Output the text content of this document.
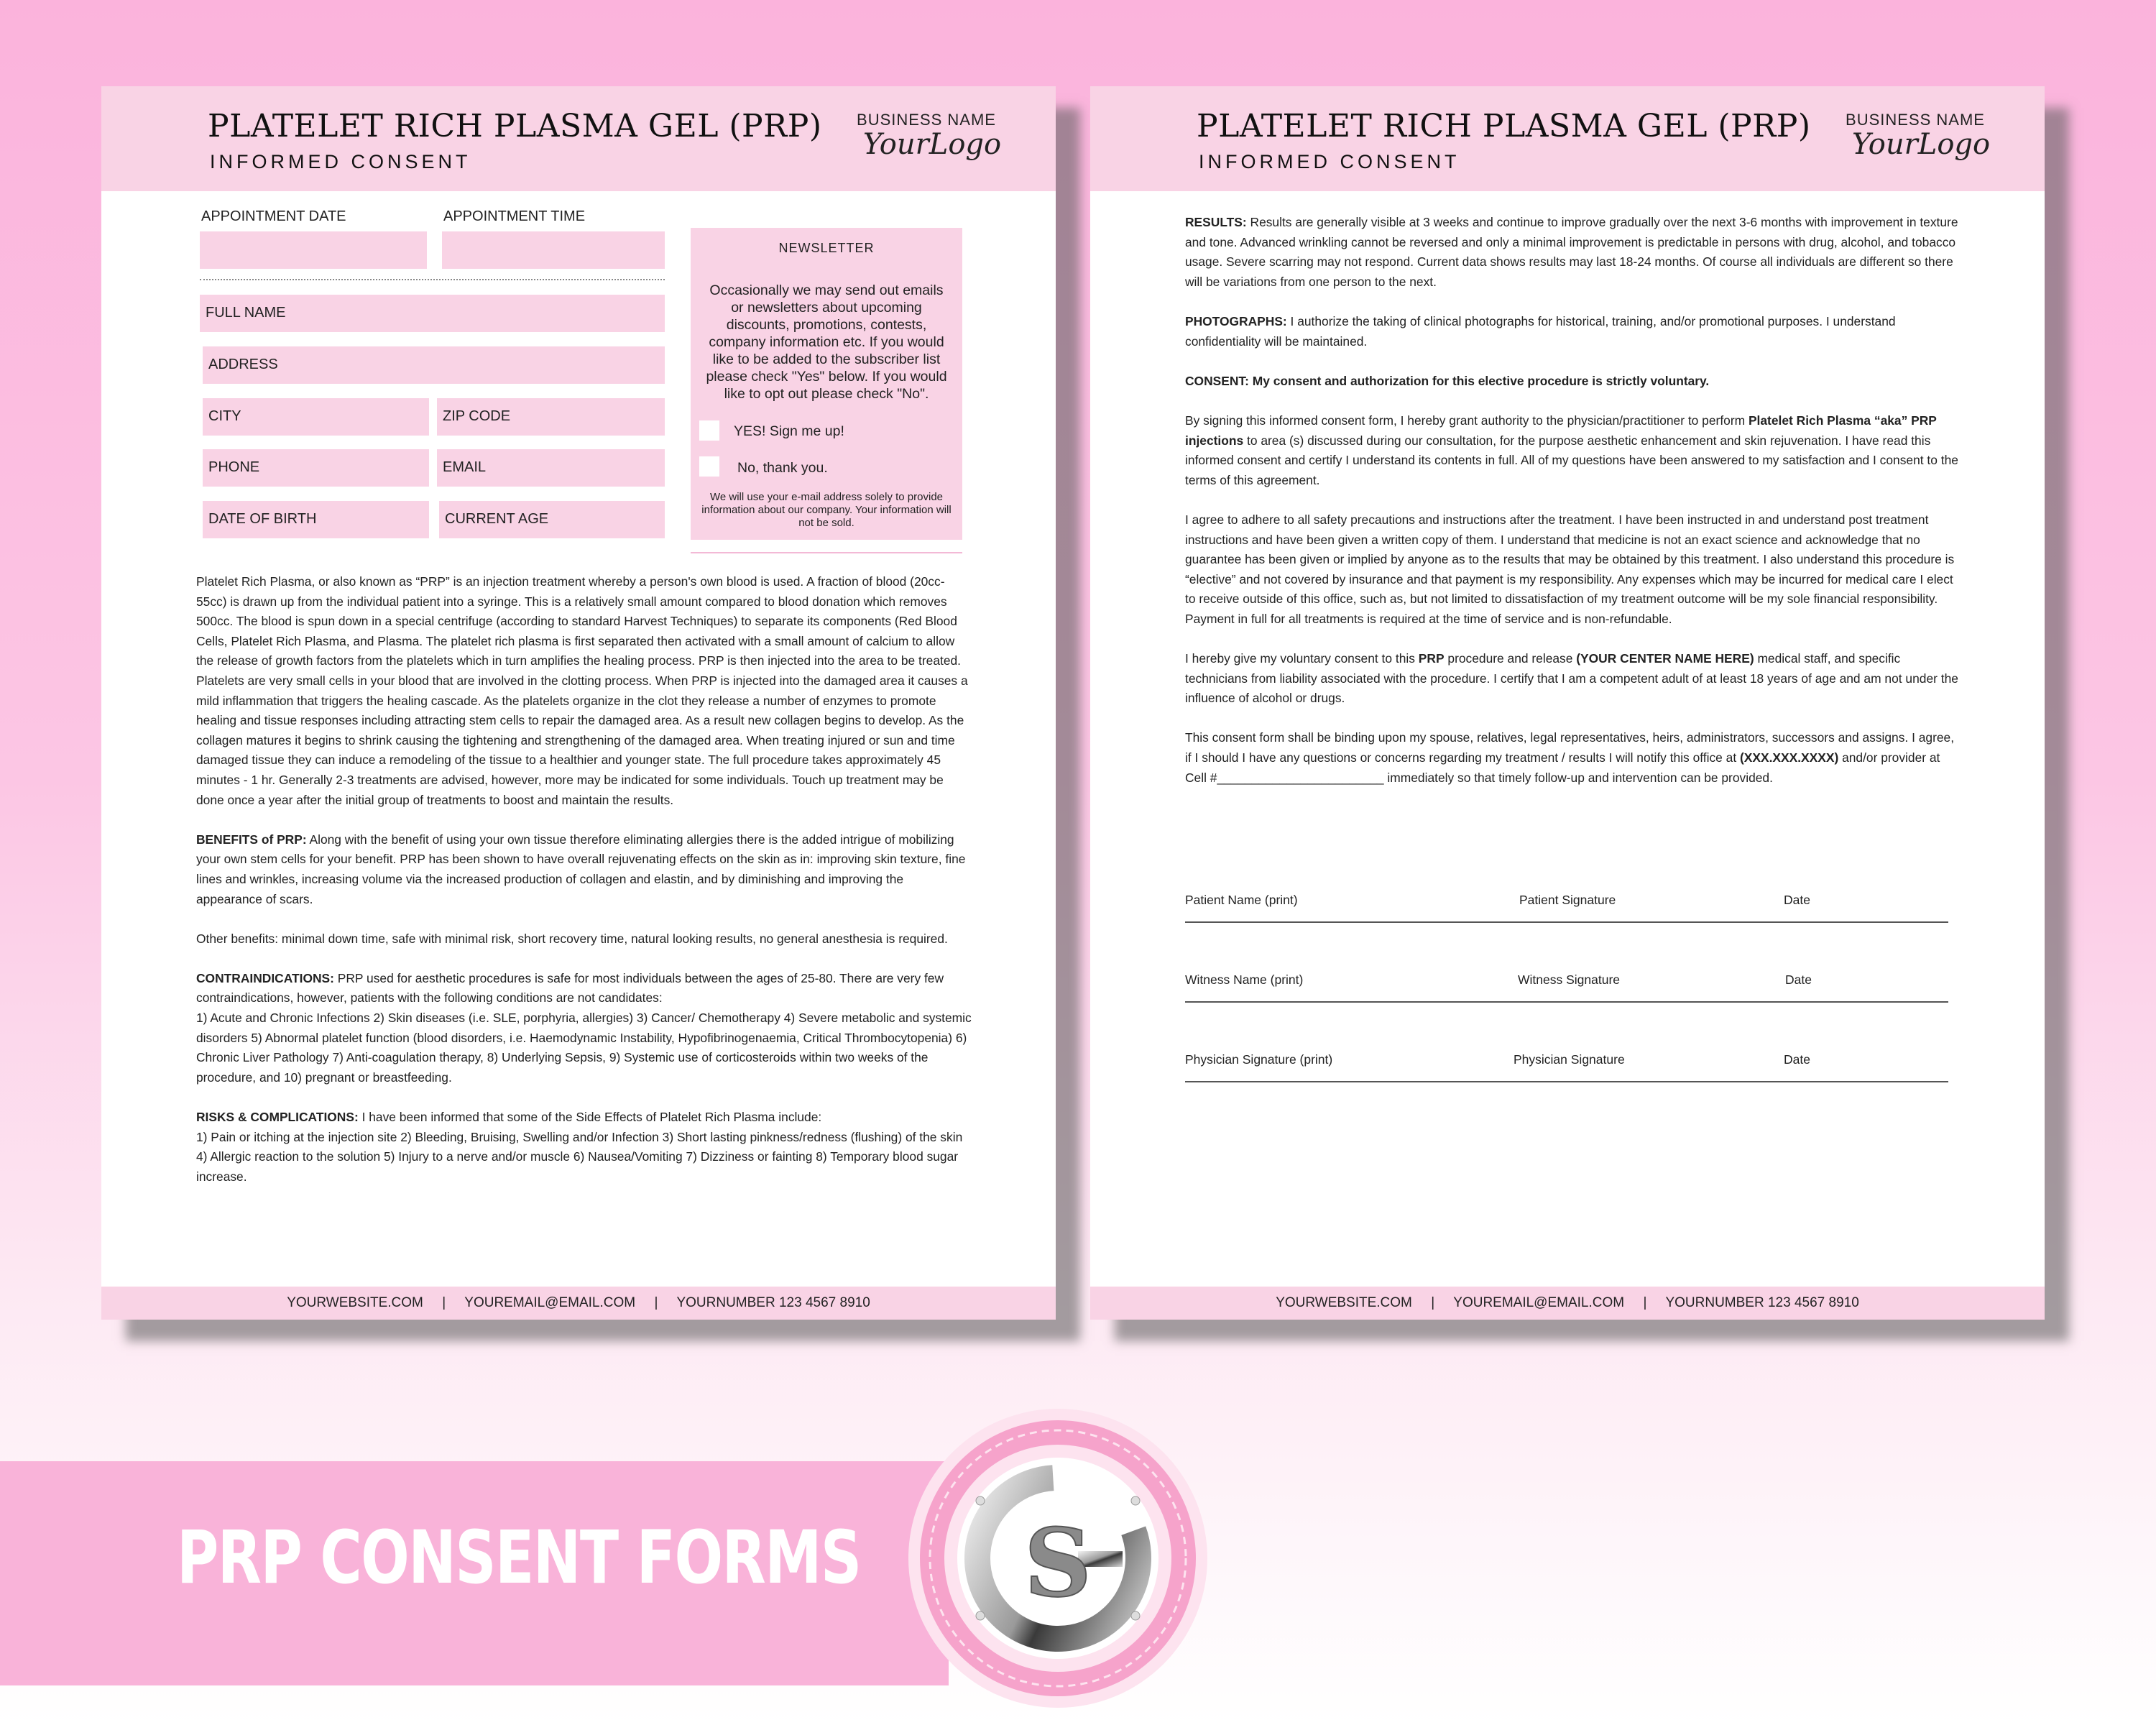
PLATELET RICH PLASMA GEL (PRP)
INFORMED CONSENT
BUSINESS NAME
YourLogo
APPOINTMENT DATE	APPOINTMENT TIME
FULL NAME
ADDRESS
CITY	ZIP CODE
PHONE	EMAIL
DATE OF BIRTH	CURRENT AGE
NEWSLETTER
Occasionally we may send out emails or newsletters about upcoming discounts, promotions, contests, company information etc. If you would like to be added to the subscriber list please check "Yes" below. If you would like to opt out please check "No".
YES! Sign me up!
No, thank you.
We will use your e-mail address solely to provide information about our company. Your information will not be sold.

Platelet Rich Plasma, or also known as “PRP” is an injection treatment whereby a person's own blood is used. A fraction of blood (20cc-55cc) is drawn up from the individual patient into a syringe. This is a relatively small amount compared to blood donation which removes 500cc. The blood is spun down in a special centrifuge (according to standard Harvest Techniques) to separate its components (Red Blood Cells, Platelet Rich Plasma, and Plasma. The platelet rich plasma is first separated then activated with a small amount of calcium to allow the release of growth factors from the platelets which in turn amplifies the healing process. PRP is then injected into the area to be treated. Platelets are very small cells in your blood that are involved in the clotting process. When PRP is injected into the damaged area it causes a mild inflammation that triggers the healing cascade. As the platelets organize in the clot they release a number of enzymes to promote healing and tissue responses including attracting stem cells to repair the damaged area. As a result new collagen begins to develop. As the collagen matures it begins to shrink causing the tightening and strengthening of the damaged area. When treating injured or sun and time damaged tissue they can induce a remodeling of the tissue to a healthier and younger state. The full procedure takes approximately 45 minutes - 1 hr. Generally 2-3 treatments are advised, however, more may be indicated for some individuals. Touch up treatment may be done once a year after the initial group of treatments to boost and maintain the results.

BENEFITS of PRP: Along with the benefit of using your own tissue therefore eliminating allergies there is the added intrigue of mobilizing your own stem cells for your benefit. PRP has been shown to have overall rejuvenating effects on the skin as in: improving skin texture, fine lines and wrinkles, increasing volume via the increased production of collagen and elastin, and by diminishing and improving the appearance of scars.

Other benefits: minimal down time, safe with minimal risk, short recovery time, natural looking results, no general anesthesia is required.

CONTRAINDICATIONS: PRP used for aesthetic procedures is safe for most individuals between the ages of 25-80. There are very few contraindications, however, patients with the following conditions are not candidates:
1) Acute and Chronic Infections 2) Skin diseases (i.e. SLE, porphyria, allergies) 3) Cancer/ Chemotherapy 4) Severe metabolic and systemic disorders 5) Abnormal platelet function (blood disorders, i.e. Haemodynamic Instability, Hypofibrinogenaemia, Critical Thrombocytopenia) 6) Chronic Liver Pathology 7) Anti-coagulation therapy, 8) Underlying Sepsis, 9) Systemic use of corticosteroids within two weeks of the procedure, and 10) pregnant or breastfeeding.

RISKS & COMPLICATIONS: I have been informed that some of the Side Effects of Platelet Rich Plasma include:
1) Pain or itching at the injection site 2) Bleeding, Bruising, Swelling and/or Infection 3) Short lasting pinkness/redness (flushing) of the skin 4) Allergic reaction to the solution 5) Injury to a nerve and/or muscle 6) Nausea/Vomiting 7) Dizziness or fainting 8) Temporary blood sugar increase.

YOURWEBSITE.COM     |     YOUREMAIL@EMAIL.COM     |     YOURNUMBER 123 4567 8910
PLATELET RICH PLASMA GEL (PRP)
INFORMED CONSENT
BUSINESS NAME
YourLogo

RESULTS: Results are generally visible at 3 weeks and continue to improve gradually over the next 3-6 months with improvement in texture and tone. Advanced wrinkling cannot be reversed and only a minimal improvement is predictable in persons with drug, alcohol, and tobacco usage. Severe scarring may not respond. Current data shows results may last 18-24 months. Of course all individuals are different so there will be variations from one person to the next.

PHOTOGRAPHS: I authorize the taking of clinical photographs for historical, training, and/or promotional purposes. I understand confidentiality will be maintained.

CONSENT: My consent and authorization for this elective procedure is strictly voluntary.

By signing this informed consent form, I hereby grant authority to the physician/practitioner to perform Platelet Rich Plasma “aka” PRP injections to area (s) discussed during our consultation, for the purpose aesthetic enhancement and skin rejuvenation. I have read this informed consent and certify I understand its contents in full. All of my questions have been answered to my satisfaction and I consent to the terms of this agreement.

I agree to adhere to all safety precautions and instructions after the treatment. I have been instructed in and understand post treatment instructions and have been given a written copy of them. I understand that medicine is not an exact science and acknowledge that no guarantee has been given or implied by anyone as to the results that may be obtained by this treatment. I also understand this procedure is “elective” and not covered by insurance and that payment is my responsibility. Any expenses which may be incurred for medical care I elect to receive outside of this office, such as, but not limited to dissatisfaction of my treatment outcome will be my sole financial responsibility. Payment in full for all treatments is required at the time of service and is non-refundable.

I hereby give my voluntary consent to this PRP procedure and release (YOUR CENTER NAME HERE) medical staff, and specific technicians from liability associated with the procedure. I certify that I am a competent adult of at least 18 years of age and am not under the influence of alcohol or drugs.

This consent form shall be binding upon my spouse, relatives, legal representatives, heirs, administrators, successors and assigns. I agree, if I should I have any questions or concerns regarding my treatment / results I will notify this office at (XXX.XXX.XXXX) and/or provider at Cell #________________________ immediately so that timely follow-up and intervention can be provided.

Patient Name (print)	Patient Signature	Date
Witness Name (print)	Witness Signature	Date
Physician Signature (print)	Physician Signature	Date
YOURWEBSITE.COM     |     YOUREMAIL@EMAIL.COM     |     YOURNUMBER 123 4567 8910
PRP CONSENT FORMS S
